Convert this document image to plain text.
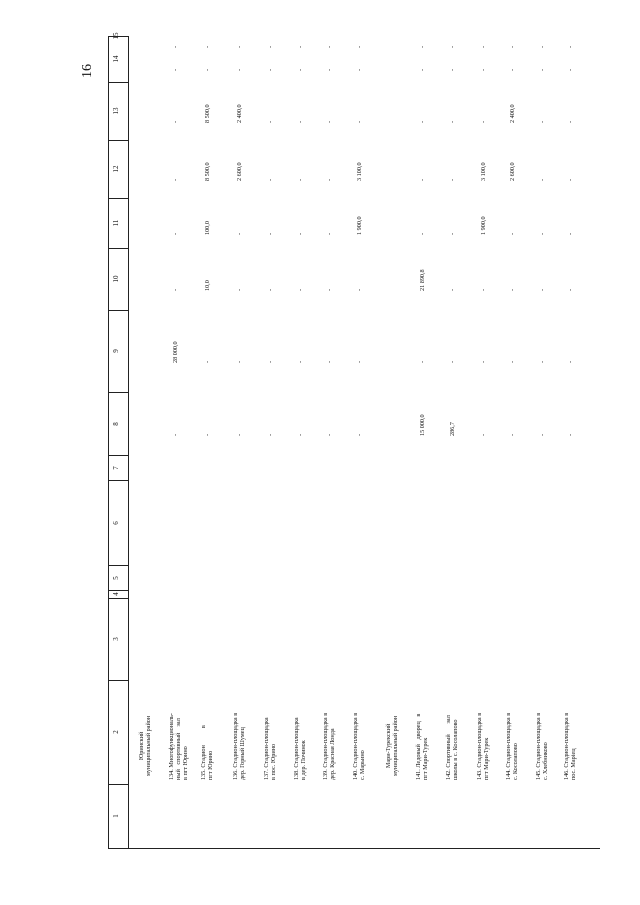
16
1
2
3
4
5
6
7
8
9
10
11
12
13
14
15
Юринский
муниципальный район
134. Многофункциональ-
ный   спортивный    зал
в пгт Юрино
-
28 000,0
-
-
-
-
-
-
135. Стадион           в
пгт Юрино
-
-
10,0
100,0
8 500,0
8 500,0
-
-
136. Стадион-площадка в
дер. Горный Шумец
-
-
-
-
2 600,0
2 400,0
-
-
137. Стадион-площадка
в пос. Юрино
-
-
-
-
-
-
-
-
138. Стадион-площадка
в дер. Починок
-
-
-
-
-
-
-
-
139. Стадион-площадка в
дер. Красная Лондa
-
-
-
-
-
-
-
-
140. Стадион-площадка в
с. Марьино
-
-
-
1 900,0
3 100,0
-
-
-
Мари-Турекский
муниципальный район
141. Ледовый   дворец   в
пгт Мари-Турек
15 000,0
-
21 890,8
-
-
-
-
-
142. Спортивный       зал
школы в с. Косолапово
286,7
-
-
-
-
-
-
-
143. Стадион-площадка в
пгт Мари-Турек
-
-
-
1 900,0
3 100,0
-
-
-
144. Стадион-площадка в
с. Косолапово
-
-
-
-
2 600,0
2 400,0
-
-
145. Стадион-площадка в
с. Хлебниково
-
-
-
-
-
-
-
-
146. Стадион-площадка в
пос. Марiец
-
-
-
-
-
-
-
-
